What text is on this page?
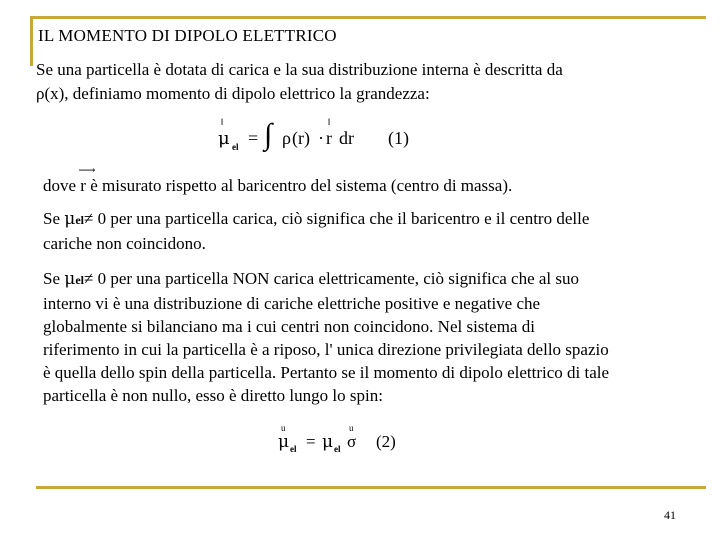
IL MOMENTO DI DIPOLO ELETTRICO
Se una particella è dotata di carica e la sua distribuzione interna è descritta da
ρ(x), definiamo momento di dipolo elettrico la grandezza:
ǁ
μ el = ∫ ρ (r) ·
ǁ
r dr (1)
dove
⟶
r è misurato rispetto al baricentro del sistema (centro di massa).
Se μel≠ 0 per una particella carica, ciò significa che il baricentro e il centro delle
cariche non coincidono.
Se μel≠ 0 per una particella NON carica elettricamente, ciò significa che al suo
interno vi è una distribuzione di cariche elettriche positive e negative che
globalmente si bilanciano ma i cui centri non coincidono. Nel sistema di
riferimento in cui la particella è a riposo, l' unica direzione privilegiata dello spazio
è quella dello spin della particella. Pertanto se il momento di dipolo elettrico di tale
particella è non nullo, esso è diretto lungo lo spin:
u
μ el = μ el
u
σ (2)
41
